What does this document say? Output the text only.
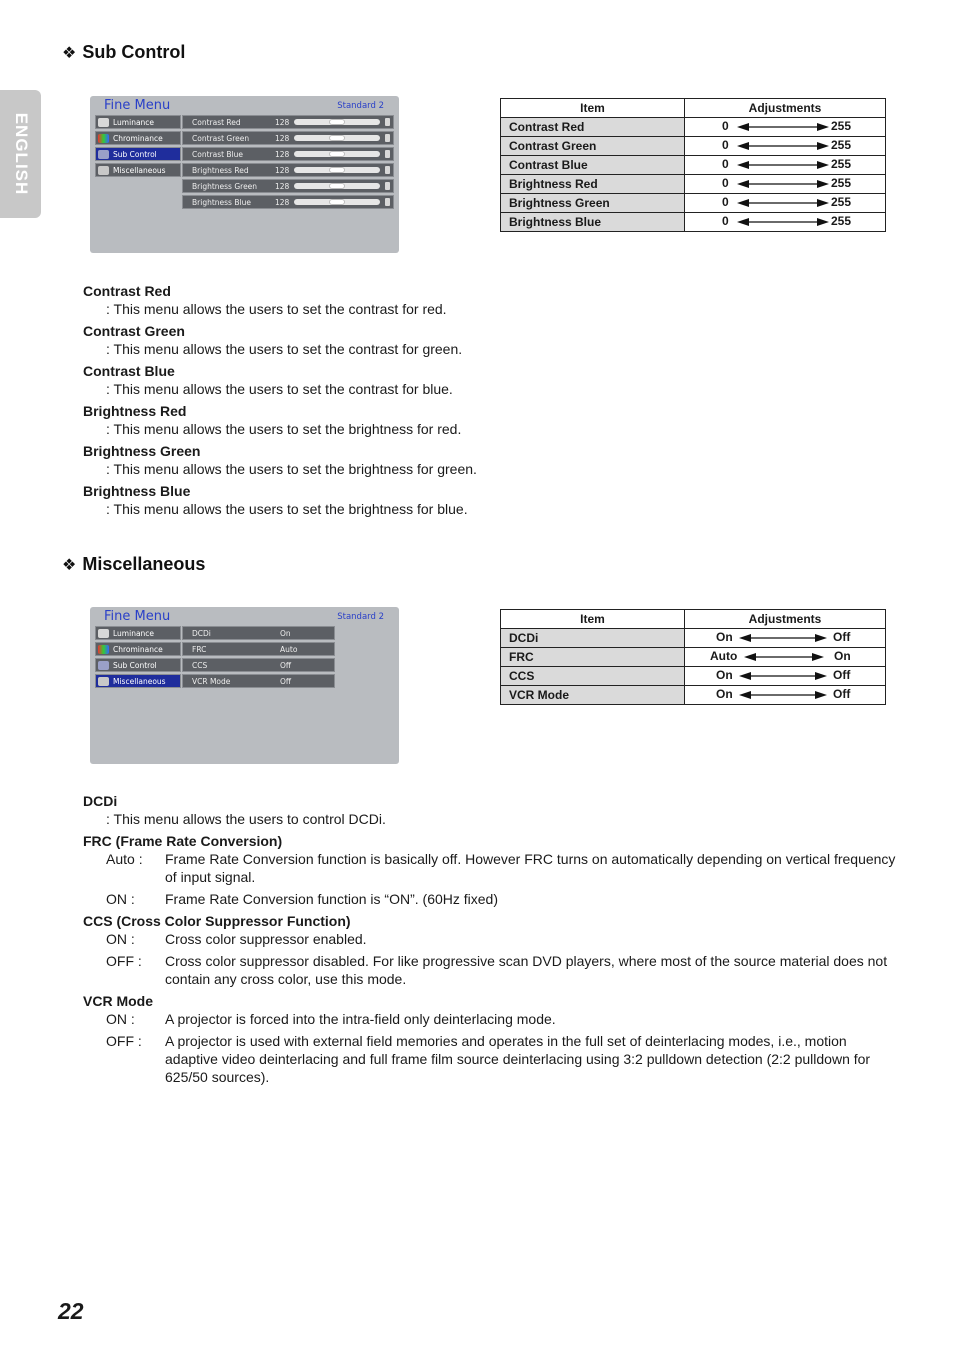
ENGLISH
❖ Sub Control
Fine Menu	Standard 2
Luminance
Chrominance
Sub Control
Miscellaneous
Contrast Red	128
Contrast Green	128
Contrast Blue	128
Brightness Red	128
Brightness Green 128
Brightness Blue	128
Item	Adjustments
Contrast Red	0 255

Contrast Green	0 255

Contrast Blue	0 255

Brightness Red	0 255

Brightness Green	0 255

Brightness Blue	0 255
Contrast Red
: This menu allows the users to set the contrast for red.
Contrast Green
: This menu allows the users to set the contrast for green.
Contrast Blue
: This menu allows the users to set the contrast for blue.
Brightness Red
: This menu allows the users to set the brightness for red.
Brightness Green
: This menu allows the users to set the brightness for green.
Brightness Blue
: This menu allows the users to set the brightness for blue.
❖ Miscellaneous
Fine Menu	Standard 2
Luminance
Chrominance
Sub Control
Miscellaneous
DCDi	On
FRC	Auto
CCS	Off
VCR Mode	Off
Item	Adjustments
DCDi	On Off

FRC	Auto On

CCS	On Off

VCR Mode	On Off
DCDi
: This menu allows the users to control DCDi.
FRC (Frame Rate Conversion)
Auto :	Frame Rate Conversion function is basically off. However FRC turns on automatically depending on vertical frequency of input signal.
ON :	Frame Rate Conversion function is “ON”. (60Hz fixed)
CCS (Cross Color Suppressor Function)
ON :	Cross color suppressor enabled.
OFF :	Cross color suppressor disabled. For like progressive scan DVD players, where most of the source material does not contain any cross color, use this mode.
VCR Mode
ON :	A projector is forced into the intra-field only deinterlacing mode.
OFF :	A projector is used with external field memories and operates in the full set of deinterlacing modes, i.e., motion adaptive video deinterlacing and full frame film source deinterlacing using 3:2 pulldown detection (2:2 pulldown for 625/50 sources).
22
